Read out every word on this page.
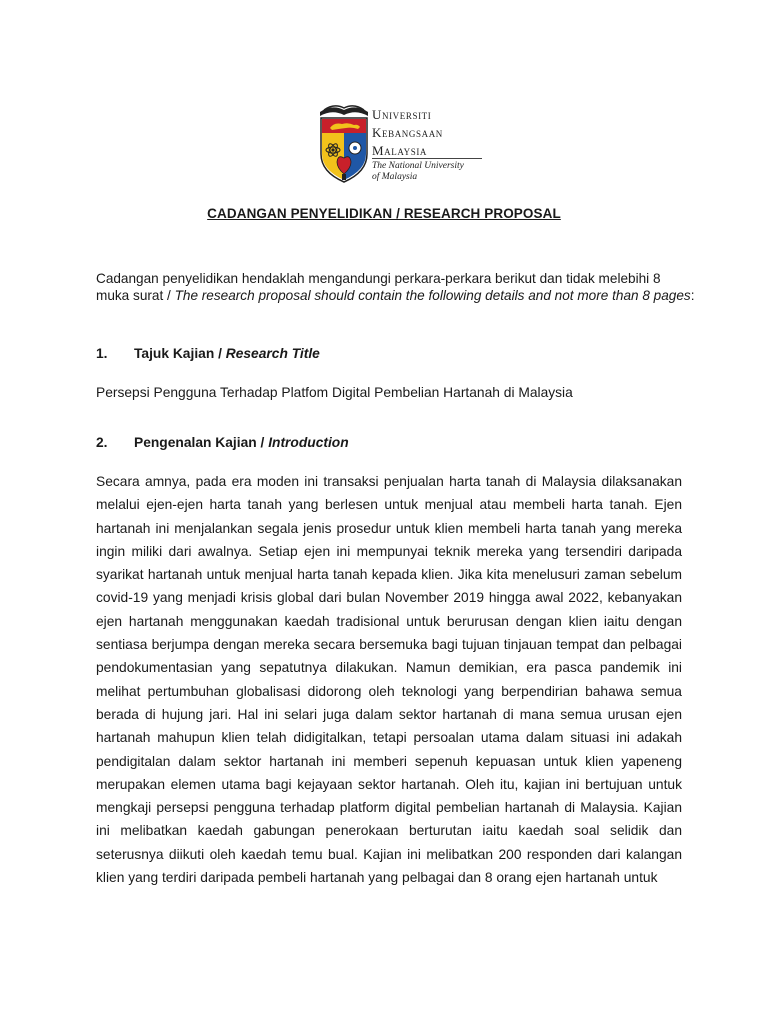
Universiti
Kebangsaan
Malaysia
The National University
of Malaysia
CADANGAN PENYELIDIKAN / RESEARCH PROPOSAL
Cadangan penyelidikan hendaklah mengandungi perkara-perkara berikut dan tidak melebihi 8 muka surat / The research proposal should contain the following details and not more than 8 pages:
1. Tajuk Kajian / Research Title
Persepsi Pengguna Terhadap Platfom Digital Pembelian Hartanah di Malaysia
2. Pengenalan Kajian / Introduction
Secara amnya, pada era moden ini transaksi penjualan harta tanah di Malaysia dilaksanakan melalui ejen-ejen harta tanah yang berlesen untuk menjual atau membeli harta tanah. Ejen hartanah ini menjalankan segala jenis prosedur untuk klien membeli harta tanah yang mereka ingin miliki dari awalnya. Setiap ejen ini mempunyai teknik mereka yang tersendiri daripada syarikat hartanah untuk menjual harta tanah kepada klien. Jika kita menelusuri zaman sebelum covid-19 yang menjadi krisis global dari bulan November 2019 hingga awal 2022, kebanyakan ejen hartanah menggunakan kaedah tradisional untuk berurusan dengan klien iaitu dengan sentiasa berjumpa dengan mereka secara bersemuka bagi tujuan tinjauan tempat dan pelbagai pendokumentasian yang sepatutnya dilakukan. Namun demikian, era pasca pandemik ini melihat pertumbuhan globalisasi didorong oleh teknologi yang berpendirian bahawa semua berada di hujung jari. Hal ini selari juga dalam sektor hartanah di mana semua urusan ejen hartanah mahupun klien telah didigitalkan, tetapi persoalan utama dalam situasi ini adakah pendigitalan dalam sektor hartanah ini memberi sepenuh kepuasan untuk klien yapeneng merupakan elemen utama bagi kejayaan sektor hartanah. Oleh itu, kajian ini bertujuan untuk mengkaji persepsi pengguna terhadap platform digital pembelian hartanah di Malaysia. Kajian ini melibatkan kaedah gabungan penerokaan berturutan iaitu kaedah soal selidik dan seterusnya diikuti oleh kaedah temu bual. Kajian ini melibatkan 200 responden dari kalangan klien yang terdiri daripada pembeli hartanah yang pelbagai dan 8 orang ejen hartanah untuk
